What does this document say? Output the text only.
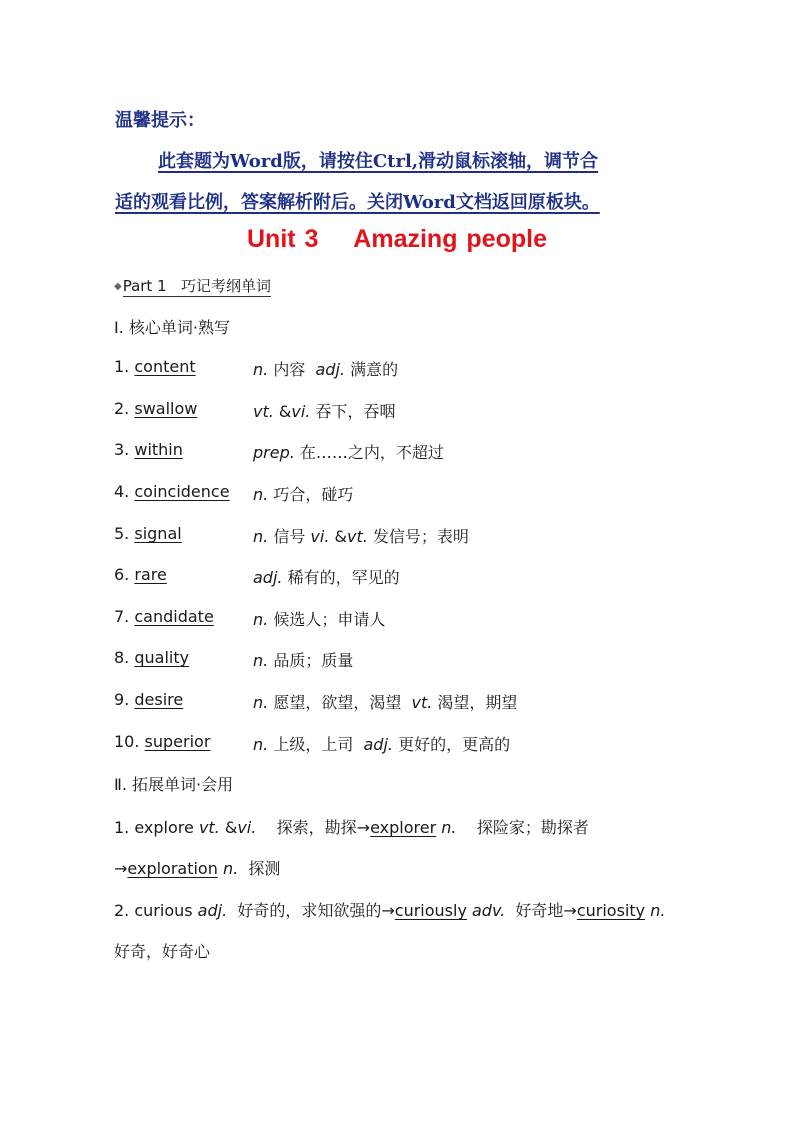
温馨提示：
此套题为Word版，请按住Ctrl,滑动鼠标滚轴，调节合
适的观看比例，答案解析附后。关闭Word文档返回原板块。
Unit 3    Amazing people
◆Part 1 巧记考纲单词
Ⅰ. 核心单词·熟写
1. content	n. 内容  adj. 满意的
2. swallow	vt. &vi. 吞下，吞咽
3. within	prep. 在……之内，不超过
4. coincidence n. 巧合，碰巧
5. signal	n. 信号 vi. &vt. 发信号；表明
6. rare	adj. 稀有的，罕见的
7. candidate n. 候选人；申请人
8. quality	n. 品质；质量
9. desire	n. 愿望，欲望，渴望  vt. 渴望，期望
10. superior	n. 上级，上司  adj. 更好的，更高的
Ⅱ. 拓展单词·会用
1. explore vt. &vi.    探索，勘探→explorer n.    探险家；勘探者
→exploration n.  探测
2. curious adj.  好奇的，求知欲强的→curiously adv.  好奇地→curiosity n.
好奇，好奇心
